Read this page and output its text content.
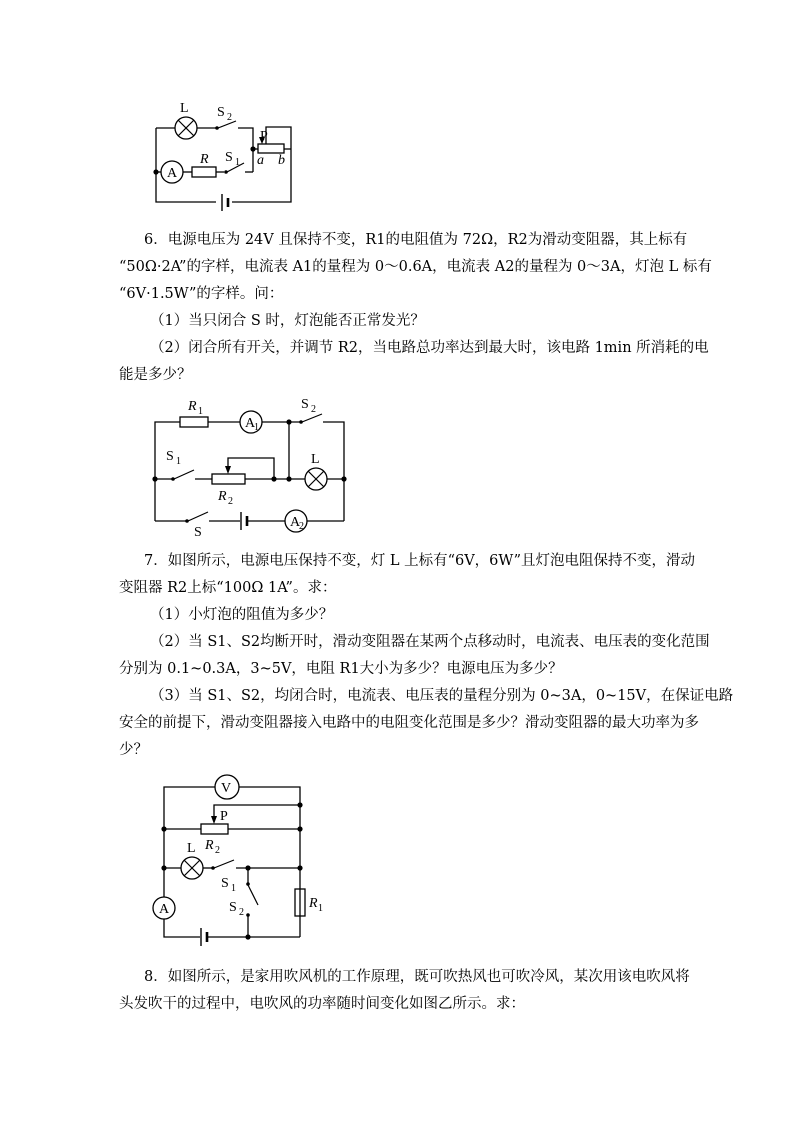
L S 2
P
a b
A
R S 1
6．电源电压为 24V 且保持不变，R1的电阻值为 72Ω，R2为滑动变阻器，其上标有
“50Ω·2A”的字样，电流表 A1的量程为 0～0.6A，电流表 A2的量程为 0～3A，灯泡 L 标有
“6V·1.5W”的字样。问：
（1）当只闭合 S 时，灯泡能否正常发光？
（2）闭合所有开关，并调节 R2，当电路总功率达到最大时，该电路 1min 所消耗的电
能是多少？
R 1
A
1
S 2
S 1	L
R 2
S
A
2
7．如图所示，电源电压保持不变，灯 L 上标有“6V，6W”且灯泡电阻保持不变，滑动
变阻器 R2上标“100Ω 1A”。求：
（1）小灯泡的阻值为多少？
（2）当 S1、S2均断开时，滑动变阻器在某两个点移动时，电流表、电压表的变化范围
分别为 0.1~0.3A，3~5V，电阻 R1大小为多少？电源电压为多少？
（3）当 S1、S2，均闭合时，电流表、电压表的量程分别为 0~3A，0~15V，在保证电路
安全的前提下，滑动变阻器接入电路中的电阻变化范围是多少？滑动变阻器的最大功率为多
少？
V
P
R 2
L
S 1
A	S 2
R 1
8．如图所示，是家用吹风机的工作原理，既可吹热风也可吹冷风，某次用该电吹风将
头发吹干的过程中，电吹风的功率随时间变化如图乙所示。求：
